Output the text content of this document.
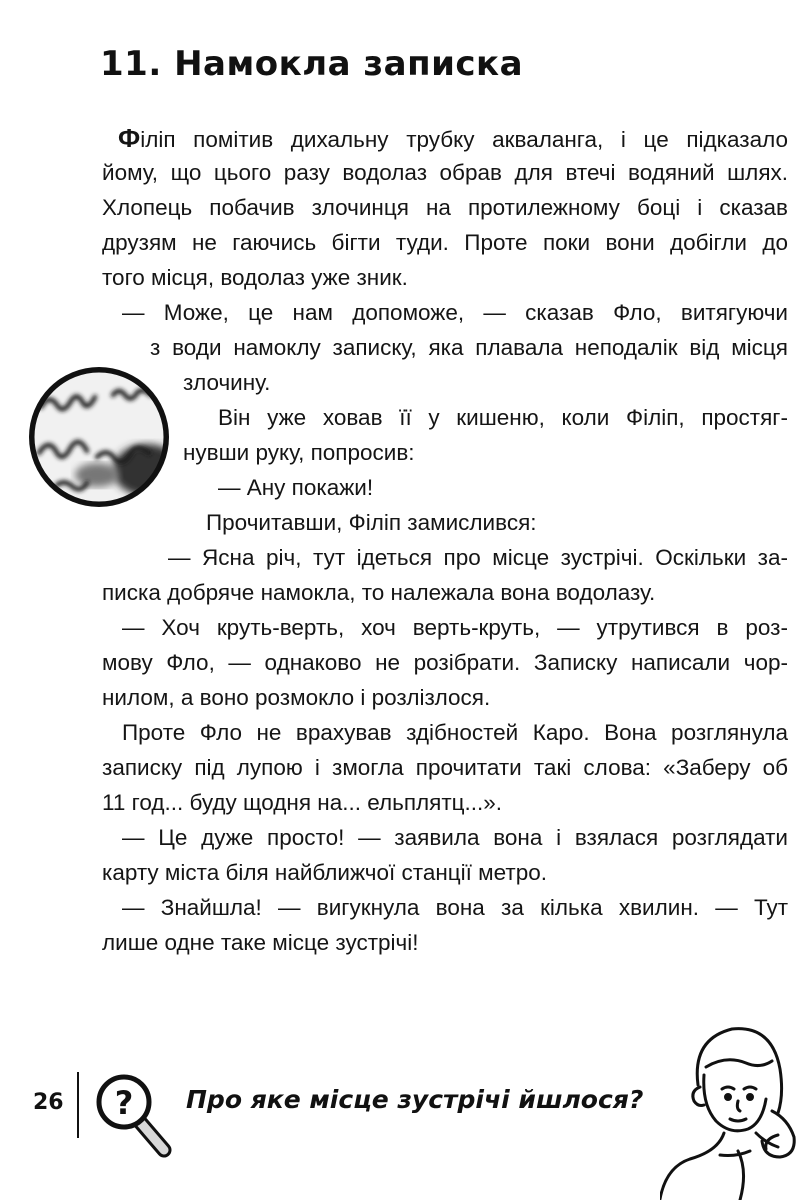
11. Намокла записка

Філіп помітив дихальну трубку акваланга, і це підказало

йому, що цього разу водолаз обрав для втечі водяний шлях.

Хлопець побачив злочинця на протилежному боці і сказав

друзям не гаючись бігти туди. Проте поки вони добігли до

того місця, водолаз уже зник.

— Може, це нам допоможе, — сказав Фло, витягуючи

з води намоклу записку, яка плавала неподалік від місця

злочину.

Він уже ховав її у кишеню, коли Філіп, простяг-

нувши руку, попросив:

— Ану покажи!

Прочитавши, Філіп замислився:

— Ясна річ, тут ідеться про місце зустрічі. Оскільки за-

писка добряче намокла, то належала вона водолазу.

— Хоч круть-верть, хоч верть-круть, — утрутився в роз-

мову Фло, — однаково не розібрати. Записку написали чор-

нилом, а воно розмокло і розлізлося.

Проте Фло не врахував здібностей Каро. Вона розглянула

записку під лупою і змогла прочитати такі слова: «Заберу об

11 год... буду щодня на... ельплятц...».

— Це дуже просто! — заявила вона і взялася розглядати

карту міста біля найближчої станції метро.

— Знайшла! — вигукнула вона за кілька хвилин. — Тут

лише одне таке місце зустрічі!

26 ? Про яке місце зустрічі йшлося?
